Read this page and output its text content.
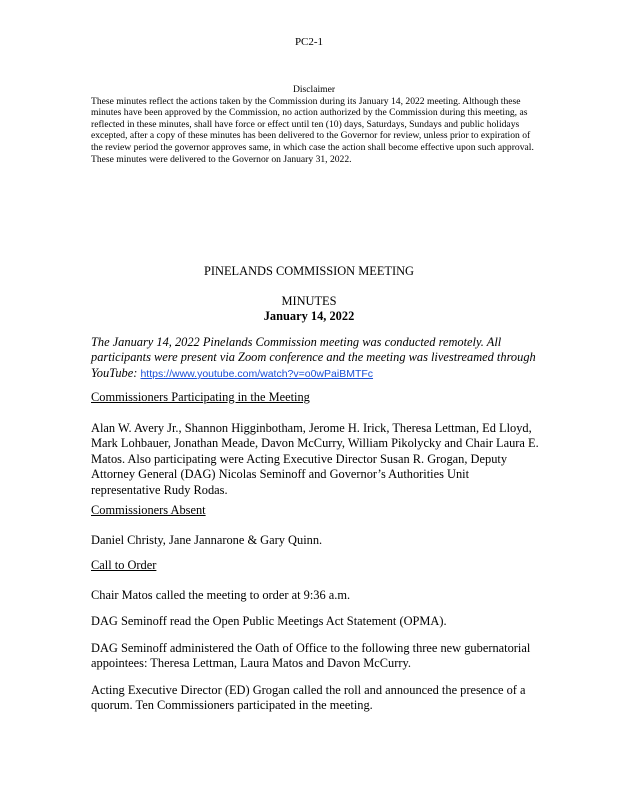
PC2-1

Disclaimer

These minutes reflect the actions taken by the Commission during its January 14, 2022 meeting. Although these minutes have been approved by the Commission, no action authorized by the Commission during this meeting, as reflected in these minutes, shall have force or effect until ten (10) days, Saturdays, Sundays and public holidays excepted, after a copy of these minutes has been delivered to the Governor for review, unless prior to expiration of the review period the governor approves same, in which case the action shall become effective upon such approval. These minutes were delivered to the Governor on January 31, 2022.

PINELANDS COMMISSION MEETING

MINUTES

January 14, 2022

The January 14, 2022 Pinelands Commission meeting was conducted remotely. All participants were present via Zoom conference and the meeting was livestreamed through YouTube: https://www.youtube.com/watch?v=o0wPaiBMTFc

Commissioners Participating in the Meeting

Alan W. Avery Jr., Shannon Higginbotham, Jerome H. Irick, Theresa Lettman, Ed Lloyd, Mark Lohbauer, Jonathan Meade, Davon McCurry, William Pikolycky and Chair Laura E. Matos. Also participating were Acting Executive Director Susan R. Grogan, Deputy Attorney General (DAG) Nicolas Seminoff and Governor’s Authorities Unit representative Rudy Rodas.

Commissioners Absent

Daniel Christy, Jane Jannarone & Gary Quinn.

Call to Order

Chair Matos called the meeting to order at 9:36 a.m.

DAG Seminoff read the Open Public Meetings Act Statement (OPMA).

DAG Seminoff administered the Oath of Office to the following three new gubernatorial appointees: Theresa Lettman, Laura Matos and Davon McCurry.

Acting Executive Director (ED) Grogan called the roll and announced the presence of a quorum. Ten Commissioners participated in the meeting.
